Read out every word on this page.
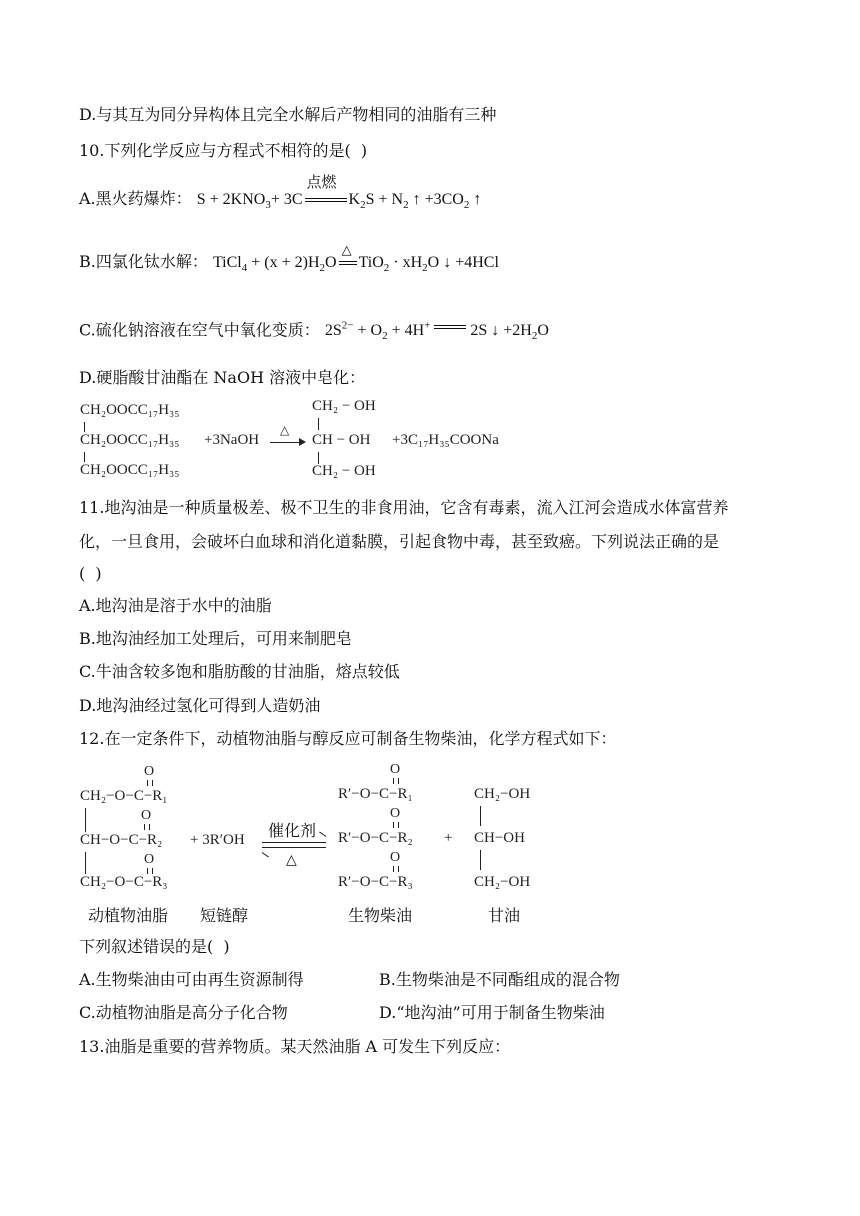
D.与其互为同分异构体且完全水解后产物相同的油脂有三种
10.下列化学反应与方程式不相符的是(  )
A.黑火药爆炸： $S + 2KNO_3+ 3C$
点燃
$K_2S + N_2$ ↑ $+3CO_2$ ↑
B.四氯化钛水解： TiCl$_4$ + $(x + 2)H_2O$
△
$TiO_2 \cdot xH_2O$ ↓ +4HCl
C.硫化钠溶液在空气中氧化变质： $2S^{2-} + O_2 + 4H^+$	2S ↓ $+2H_2O$
D.硬脂酸甘油酯在 NaOH 溶液中皂化：
CH₂OOCC₁₇H₃₅
CH₂OOCC₁₇H₃₅
CH₂OOCC₁₇H₃₅
+3NaOH
△
CH₂ − OH
CH − OH
CH₂ − OH
+3C₁₇H₃₅COONa
11.地沟油是一种质量极差、极不卫生的非食用油，它含有毒素，流入江河会造成水体富营养
化，一旦食用，会破坏白血球和消化道黏膜，引起食物中毒，甚至致癌。下列说法正确的是
(  )
A.地沟油是溶于水中的油脂
B.地沟油经加工处理后，可用来制肥皂
C.牛油含较多饱和脂肪酸的甘油脂，熔点较低
D.地沟油经过氢化可得到人造奶油
12.在一定条件下，动植物油脂与醇反应可制备生物柴油，化学方程式如下：
O
CH₂−O−C−R₁
O
CH−O−C−R₂
O
CH₂−O−C−R₃
+ 3R′OH 催化剂
△
O
R′−O−C−R₁
O
R′−O−C−R₂
O
R′−O−C−R₃
+
CH₂−OH
CH−OH
CH₂−OH
动植物油脂 短链醇	生物柴油	甘油
下列叙述错误的是(  )
A.生物柴油由可由再生资源制得	B.生物柴油是不同酯组成的混合物
C.动植物油脂是高分子化合物	D.“地沟油”可用于制备生物柴油
13.油脂是重要的营养物质。某天然油脂 A 可发生下列反应：
